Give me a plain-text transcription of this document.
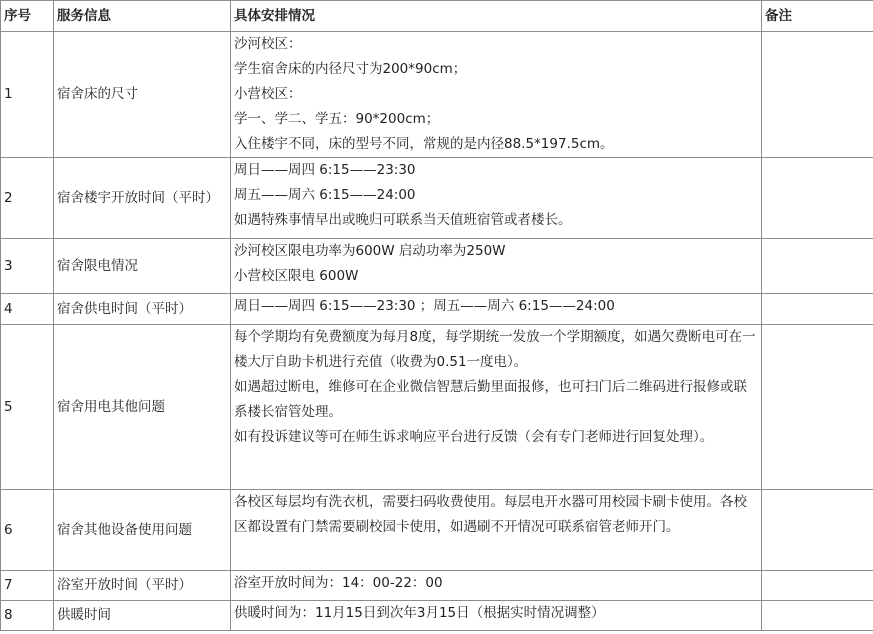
序号	服务信息	具体安排情况	备注
1	宿舍床的尺寸	沙河校区：
学生宿舍床的内径尺寸为200*90cm；
小营校区：
学一、学二、学五：90*200cm；
入住楼宇不同，床的型号不同，常规的是内径88.5*197.5cm。	

2	宿舍楼宇开放时间（平时）	周日——周四 6:15——23:30
周五——周六 6:15——24:00
如遇特殊事情早出或晚归可联系当天值班宿管或者楼长。	

3	宿舍限电情况	沙河校区限电功率为600W 启动功率为250W
小营校区限电 600W	

4	宿舍供电时间（平时）	周日——周四 6:15——23:30 ；周五——周六 6:15——24:00	

5	宿舍用电其他问题	每个学期均有免费额度为每月8度，每学期统一发放一个学期额度，如遇欠费断电可在一楼大厅自助卡机进行充值（收费为0.51一度电）。
如遇超过断电，维修可在企业微信智慧后勤里面报修，也可扫门后二维码进行报修或联系楼长宿管处理。
如有投诉建议等可在师生诉求响应平台进行反馈（会有专门老师进行回复处理）。	

6	宿舍其他设备使用问题	各校区每层均有洗衣机，需要扫码收费使用。每层电开水器可用校园卡刷卡使用。各校区都设置有门禁需要刷校园卡使用，如遇刷不开情况可联系宿管老师开门。	

7	浴室开放时间（平时）	浴室开放时间为：14：00-22：00	

8	供暖时间	供暖时间为：11月15日到次年3月15日（根据实时情况调整）	
